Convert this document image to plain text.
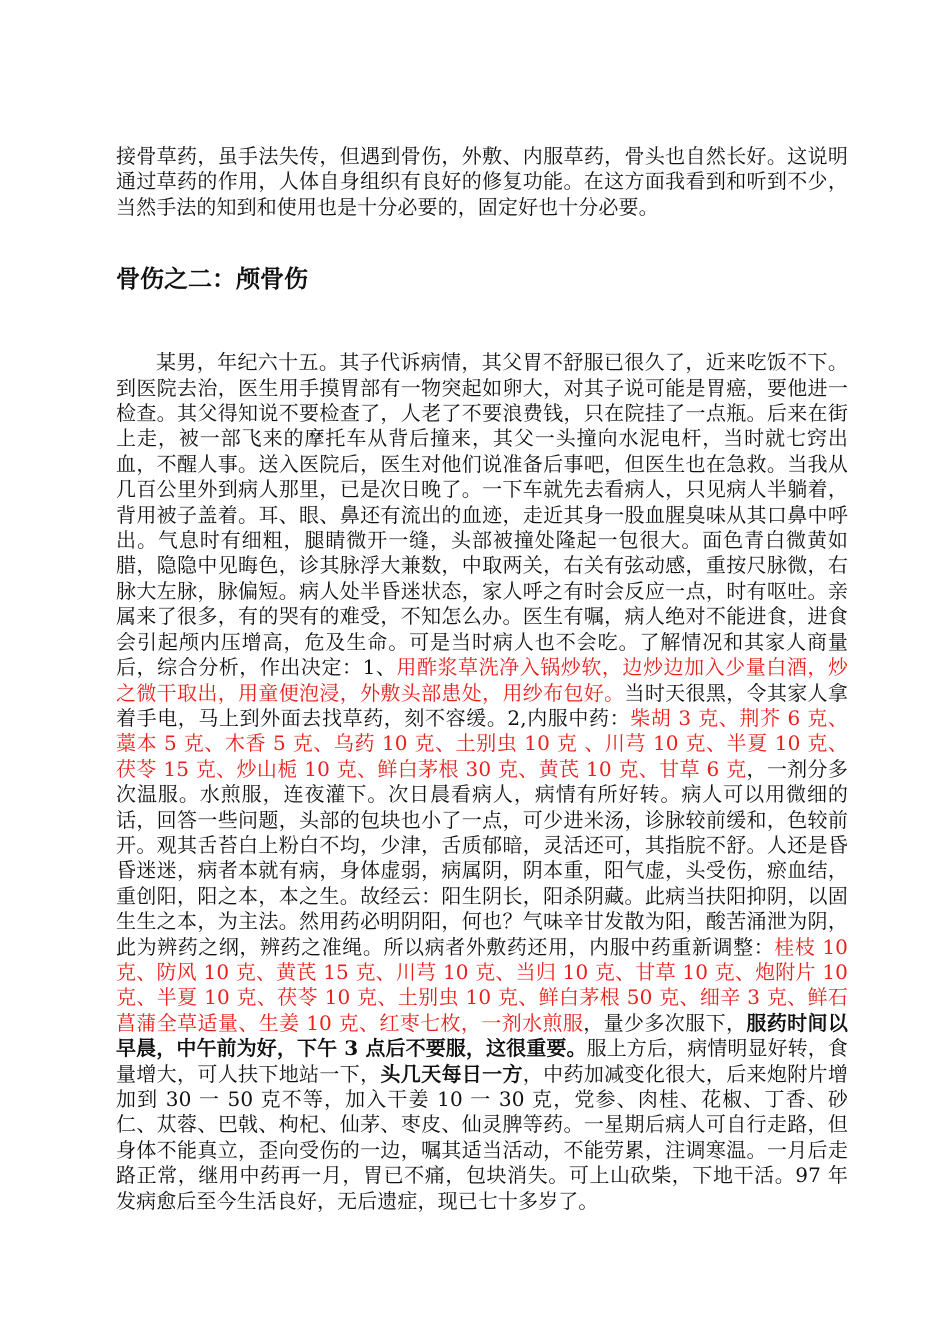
接骨草药，虽手法失传，但遇到骨伤，外敷、内服草药，骨头也自然长好。这说明通过草药的作用，人体自身组织有良好的修复功能。在这方面我看到和听到不少，当然手法的知到和使用也是十分必要的，固定好也十分必要。

骨伤之二：颅骨伤

某男，年纪六十五。其子代诉病情，其父胃不舒服已很久了，近来吃饭不下。到医院去治，医生用手摸胃部有一物突起如卵大，对其子说可能是胃癌，要他进一检查。其父得知说不要检查了，人老了不要浪费钱，只在院挂了一点瓶。后来在街上走，被一部飞来的摩托车从背后撞来，其父一头撞向水泥电杆，当时就七窍出血，不醒人事。送入医院后，医生对他们说准备后事吧，但医生也在急救。当我从几百公里外到病人那里，已是次日晚了。一下车就先去看病人，只见病人半躺着，背用被子盖着。耳、眼、鼻还有流出的血迹，走近其身一股血腥臭味从其口鼻中呼出。气息时有细粗，腿睛微开一缝，头部被撞处隆起一包很大。面色青白微黄如腊，隐隐中见晦色，诊其脉浮大兼数，中取两关，右关有弦动感，重按尺脉微，右脉大左脉，脉偏短。病人处半昏迷状态，家人呼之有时会反应一点，时有呕吐。亲属来了很多，有的哭有的难受，不知怎么办。医生有嘱，病人绝对不能进食，进食会引起颅内压增高，危及生命。可是当时病人也不会吃。了解情况和其家人商量后，综合分析，作出决定：1、用酢浆草洗净入锅炒软，边炒边加入少量白酒，炒之微干取出，用童便泡浸，外敷头部患处，用纱布包好。当时天很黑，令其家人拿着手电，马上到外面去找草药，刻不容缓。2,内服中药：柴胡 3 克、荆芥 6 克、藁本 5 克、木香 5 克、乌药 10 克、土别虫 10 克 、川芎 10 克、半夏 10 克、茯苓 15 克、炒山栀 10 克、鲜白茅根 30 克、黄芪 10 克、甘草 6 克，一剂分多次温服。水煎服，连夜灌下。次日晨看病人，病情有所好转。病人可以用微细的话，回答一些问题，头部的包块也小了一点，可少进米汤，诊脉较前缓和，色较前开。观其舌苔白上粉白不均，少津，舌质郁暗，灵活还可，其指脘不舒。人还是昏昏迷迷，病者本就有病，身体虚弱，病属阴，阴本重，阳气虚，头受伤，瘀血结，重创阳，阳之本，本之生。故经云：阳生阴长，阳杀阴藏。此病当扶阳抑阴，以固生生之本，为主法。然用药必明阴阳，何也？气味辛甘发散为阳，酸苦涌泄为阴，此为辨药之纲，辨药之准绳。所以病者外敷药还用，内服中药重新调整：桂枝 10 克、防风 10 克、黄芪 15 克、川芎 10 克、当归 10 克、甘草 10 克、炮附片 10 克、半夏 10 克、茯苓 10 克、土别虫 10 克、鲜白茅根 50 克、细辛 3 克、鲜石菖蒲全草适量、生姜 10 克、红枣七枚，一剂水煎服，量少多次服下，服药时间以早晨，中午前为好，下午 3 点后不要服，这很重要。服上方后，病情明显好转，食量增大，可人扶下地站一下，头几天每日一方，中药加减变化很大，后来炮附片增加到 30 一 50 克不等，加入干姜 10 一 30 克，党参、肉桂、花椒、丁香、砂仁、苁蓉、巴戟、枸杞、仙茅、枣皮、仙灵脾等药。一星期后病人可自行走路，但身体不能真立，歪向受伤的一边，嘱其适当活动，不能劳累，注调寒温。一月后走路正常，继用中药再一月，胃已不痛，包块消失。可上山砍柴，下地干活。97 年发病愈后至今生活良好，无后遗症，现已七十多岁了。
